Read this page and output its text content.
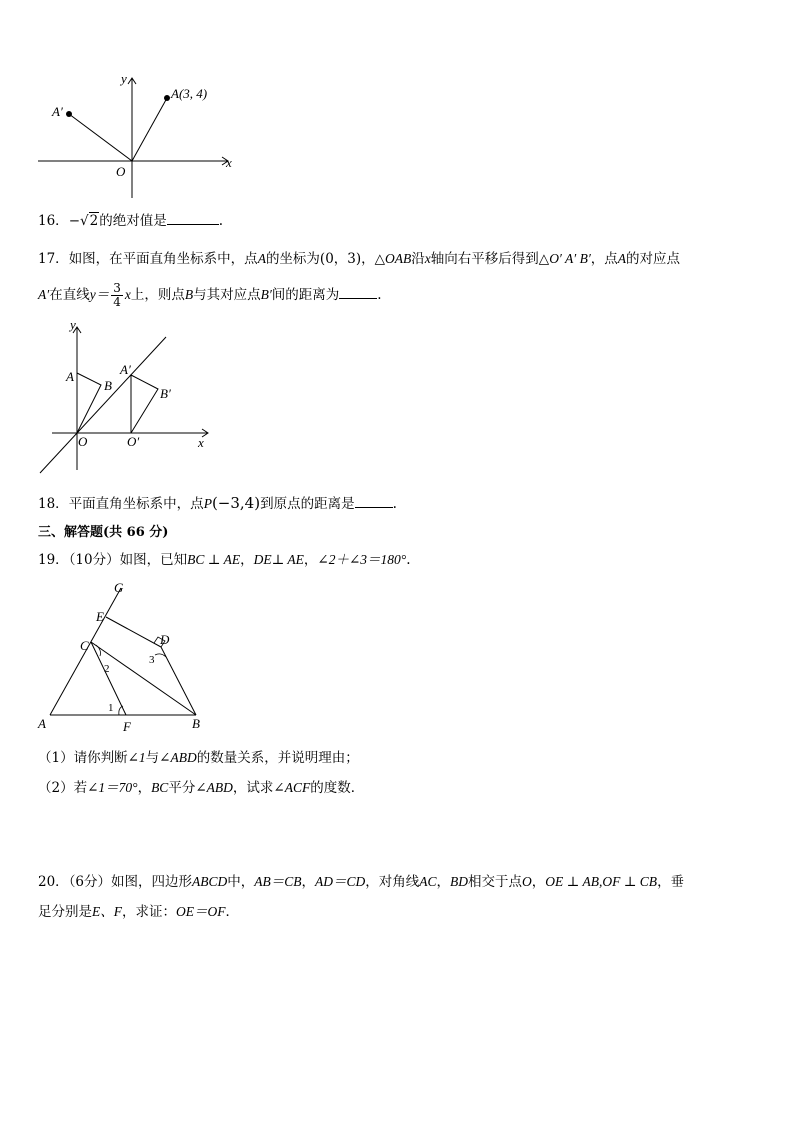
y
x
O
A(3, 4)
A′
16．−√2的绝对值是	.
17．如图，在平面直角坐标系中，点A的坐标为(0，3)，△OAB沿x轴向右平移后得到△O′ A′ B′，点A的对应点
A′在直线$y= \frac{3}{4}$ x上，则点B与其对应点B′间的距离为	.
y
x
O
A
B
A′
B′
O′
18．平面直角坐标系中，点P(−3,4)到原点的距离是	.
三、解答题(共 66 分)
19．（10分）如图，已知BC ⊥ AE，DE⊥ AE，∠2＋∠3＝180°.
G
E
D
C
A	F	B
1
2
3
（1）请你判断∠1与∠ABD的数量关系，并说明理由；
（2）若∠1＝70°，BC平分∠ABD，试求∠ACF的度数．
20．（6分）如图，四边形ABCD中，AB＝CB，AD＝CD，对角线AC，BD相交于点O，OE ⊥ AB,OF ⊥ CB，垂
足分别是E、F，求证：OE＝OF．
